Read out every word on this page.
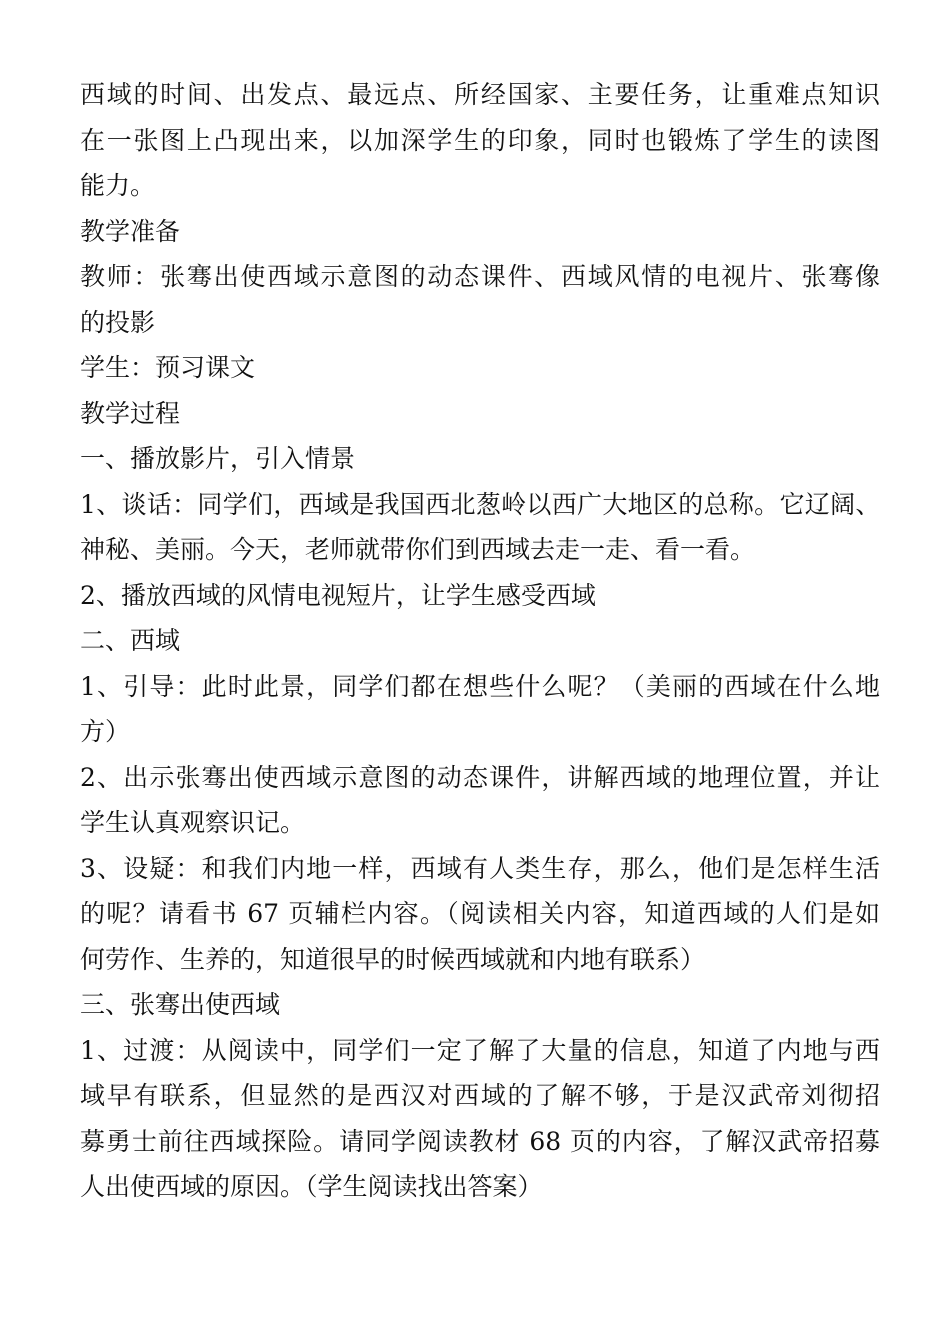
西域的时间、出发点、最远点、所经国家、主要任务，让重难点知识
在一张图上凸现出来，以加深学生的印象，同时也锻炼了学生的读图
能力。
教学准备
教师：张骞出使西域示意图的动态课件、西域风情的电视片、张骞像
的投影
学生：预习课文
教学过程
一、播放影片，引入情景
1、谈话：同学们，西域是我国西北葱岭以西广大地区的总称。它辽阔、
神秘、美丽。今天，老师就带你们到西域去走一走、看一看。
2、播放西域的风情电视短片，让学生感受西域
二、西域
1、引导：此时此景，同学们都在想些什么呢？（美丽的西域在什么地
方）
2、出示张骞出使西域示意图的动态课件，讲解西域的地理位置，并让
学生认真观察识记。
3、设疑：和我们内地一样，西域有人类生存，那么，他们是怎样生活
的呢？请看书 67 页辅栏内容。（阅读相关内容，知道西域的人们是如
何劳作、生养的，知道很早的时候西域就和内地有联系）
三、张骞出使西域
1、过渡：从阅读中，同学们一定了解了大量的信息，知道了内地与西
域早有联系，但显然的是西汉对西域的了解不够，于是汉武帝刘彻招
募勇士前往西域探险。请同学阅读教材 68 页的内容，了解汉武帝招募
人出使西域的原因。（学生阅读找出答案）
